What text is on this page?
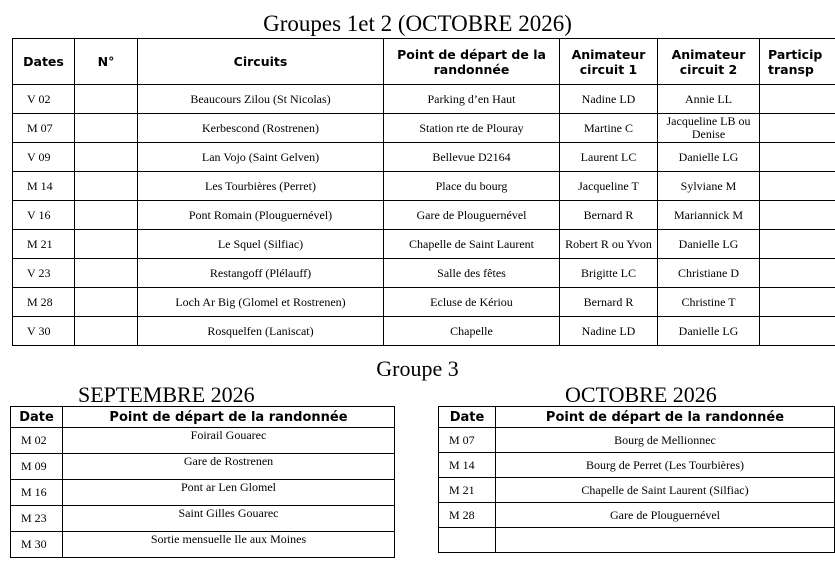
Groupes 1et 2 (OCTOBRE 2026)
Dates	N°	Circuits	Point de départ de la randonnée	Animateur circuit 1	Animateur circuit 2	Particip transp
V 02		Beaucours Zilou (St Nicolas)	Parking d’en Haut	Nadine LD	Annie LL	
M 07		Kerbescond (Rostrenen)	Station rte de Plouray	Martine C	Jacqueline LB ou Denise	
V 09		Lan Vojo (Saint Gelven)	Bellevue D2164	Laurent LC	Danielle LG	
M 14		Les Tourbières (Perret)	Place du bourg	Jacqueline T	Sylviane M	
V 16		Pont Romain (Plouguernével)	Gare de Plouguernével	Bernard R	Mariannick M	
M 21		Le Squel (Silfiac)	Chapelle de Saint Laurent	Robert R ou Yvon	Danielle LG	
V 23		Restangoff (Plélauff)	Salle des fêtes	Brigitte LC	Christiane D	
M 28		Loch Ar Big (Glomel et Rostrenen)	Ecluse de Kériou	Bernard R	Christine T	
V 30		Rosquelfen (Laniscat)	Chapelle	Nadine LD	Danielle LG	
Groupe 3
SEPTEMBRE 2026	OCTOBRE 2026
Date	Point de départ de la randonnée
M 02	Foirail Gouarec
M 09	Gare de Rostrenen
M 16	Pont ar Len Glomel
M 23	Saint Gilles Gouarec
M 30	Sortie mensuelle Ile aux Moines
Date	Point de départ de la randonnée
M 07	Bourg de Mellionnec
M 14	Bourg de Perret (Les Tourbières)
M 21	Chapelle de Saint Laurent (Silfiac)
M 28	Gare de Plouguernével
